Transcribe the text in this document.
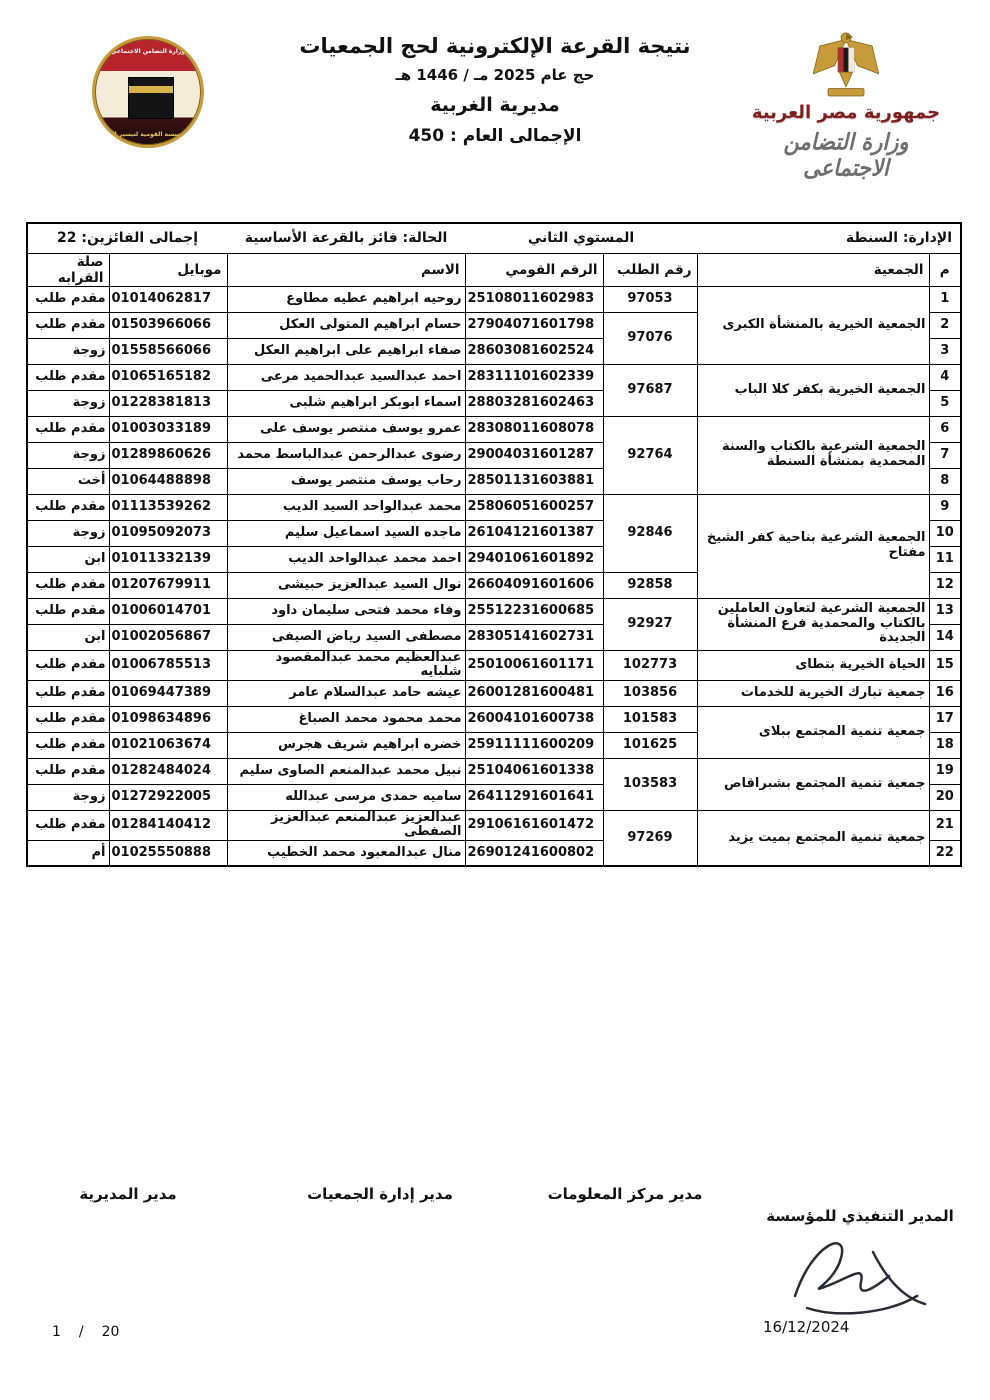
وزارة التضامن الاجتماعي
المؤسسة القومية لتيسير الحج
نتيجة القرعة الإلكترونية لحج الجمعيات
حج عام 2025 مـ / 1446 هـ
مديرية الغربية
الإجمالى العام : 450
جمهورية مصر العربية
وزارة التضامن الاجتماعى
الإدارة: السنطة		المستوي الثاني		الحالة: فائز بالقرعة الأساسية	إجمالى الفائزين: 22	
م	الجمعية	رقم الطلب	الرقم القومي	الاسم	موبايل	صلة القرابه
1	الجمعية الخيرية بالمنشأة الكبرى	97053	25108011602983	روحيه ابراهيم عطيه مطاوع	01014062817	مقدم طلب
2		97076	27904071601798	حسام ابراهيم المتولى العكل	01503966066	مقدم طلب
3			28603081602524	صفاء ابراهيم على ابراهيم العكل	01558566066	زوجة
4	الجمعية الخيرية بكفر كلا الباب	97687	28311101602339	احمد عبدالسيد عبدالحميد مرعى	01065165182	مقدم طلب
5			28803281602463	اسماء ابوبكر ابراهيم شلبى	01228381813	زوجة
6	الجمعية الشرعية بالكتاب والسنة المحمدية بمنشأة السنطة	92764	28308011608078	عمرو يوسف منتصر يوسف على	01003033189	مقدم طلب
7			29004031601287	رضوى عبدالرحمن عبدالباسط محمد	01289860626	زوجة
8			28501131603881	رحاب يوسف منتصر يوسف	01064488898	أخت
9	الجمعية الشرعية بناحية كفر الشيخ مفتاح	92846	25806051600257	محمد عبدالواحد السيد الديب	01113539262	مقدم طلب
10			26104121601387	ماجده السيد اسماعيل سليم	01095092073	زوجة
11			29401061601892	احمد محمد عبدالواحد الديب	01011332139	ابن
12		92858	26604091601606	نوال السيد عبدالعزيز حبيشى	01207679911	مقدم طلب
13	الجمعية الشرعية لتعاون العاملين بالكتاب والمحمدية فرع المنشأة الجديدة	92927	25512231600685	وفاء محمد فتحى سليمان داود	01006014701	مقدم طلب
14			28305141602731	مصطفى السيد رياض الصيفى	01002056867	ابن
15	الحياة الخيرية بتطاى	102773	25010061601171	عبدالعظيم محمد عبدالمقصود شلبايه	01006785513	مقدم طلب
16	جمعية تبارك الخيرية للخدمات	103856	26001281600481	عيشه حامد عبدالسلام عامر	01069447389	مقدم طلب
17	جمعية تنمية المجتمع ببلاى	101583	26004101600738	محمد محمود محمد الصباغ	01098634896	مقدم طلب
18		101625	25911111600209	خضره ابراهيم شريف هجرس	01021063674	مقدم طلب
19	جمعية تنمية المجتمع بشبراقاص	103583	25104061601338	نبيل محمد عبدالمنعم الصاوى سليم	01282484024	مقدم طلب
20			26411291601641	ساميه حمدى مرسى عبدالله	01272922005	زوجة
21	جمعية تنمية المجتمع بميت يزيد	97269	29106161601472	عبدالعزيز عبدالمنعم عبدالعزيز الصفطى	01284140412	مقدم طلب
22			26901241600802	منال عبدالمعبود محمد الخطيب	01025550888	أم
مدير المديرية	مدير إدارة الجمعيات	مدير مركز المعلومات
المدير التنفيذي للمؤسسة
16/12/2024
1 / 20
